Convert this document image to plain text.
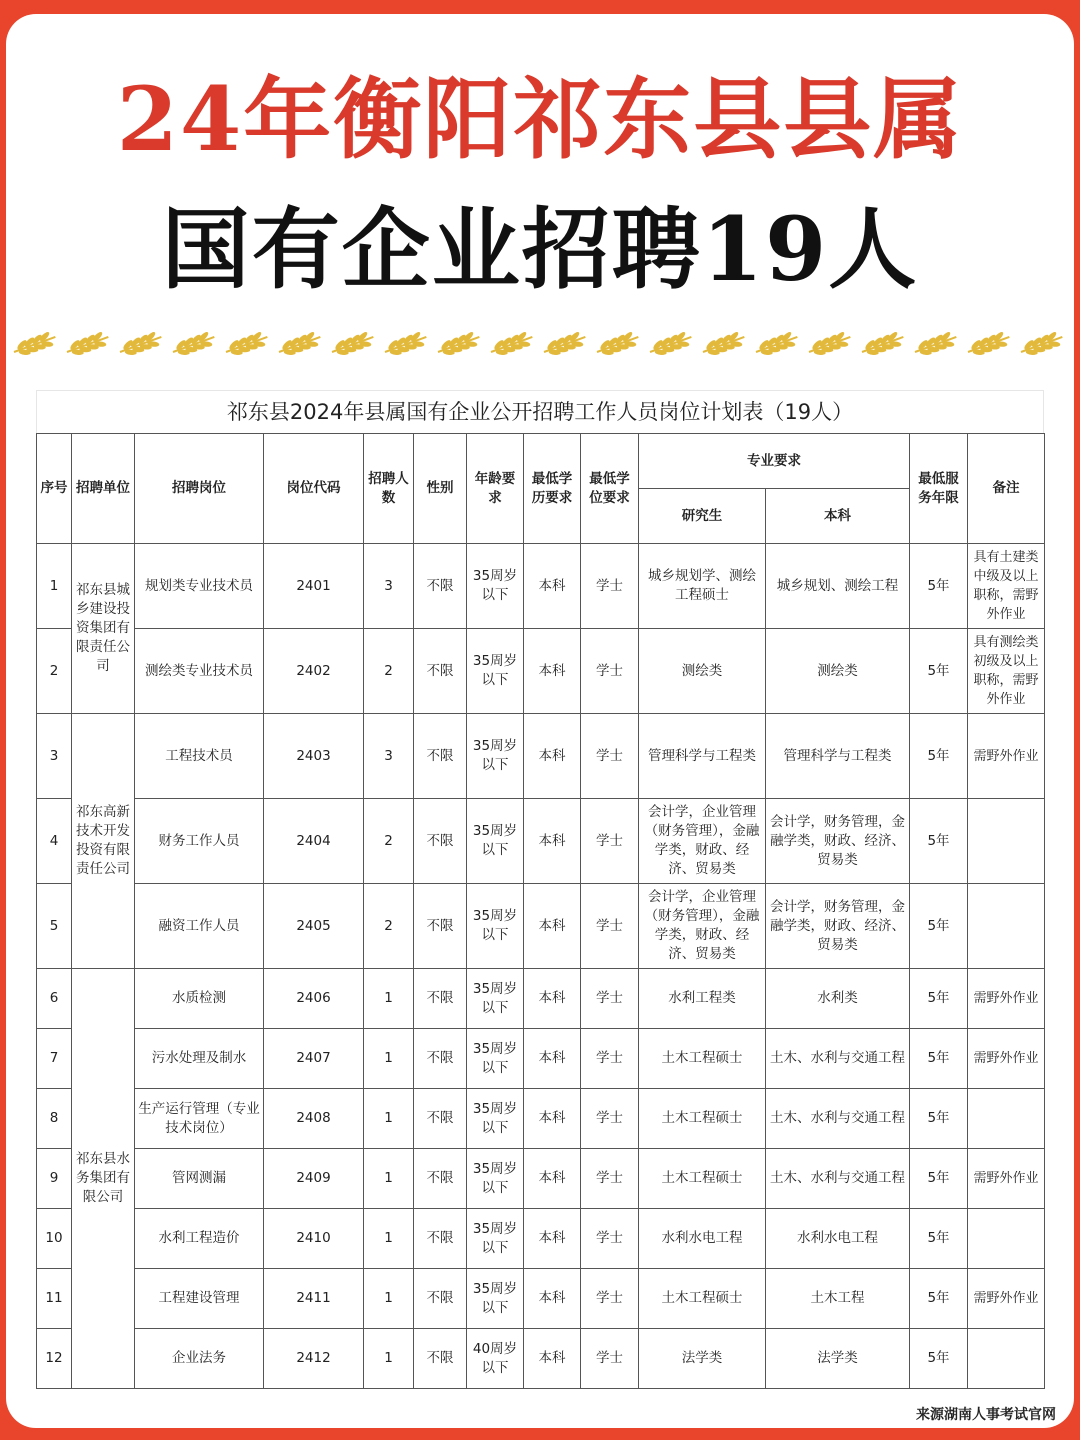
24年衡阳祁东县县属
国有企业招聘19人
祁东县2024年县属国有企业公开招聘工作人员岗位计划表（19人）
序号	招聘单位	招聘岗位	岗位代码	招聘人数	性别	年龄要求	最低学历要求	最低学位要求	专业要求		最低服务年限	备注
									研究生	本科		
1	祁东县城乡建设投资集团有限责任公司	规划类专业技术员	2401	3	不限	35周岁以下	本科	学士	城乡规划学、测绘工程硕士	城乡规划、测绘工程	5年	具有土建类中级及以上职称，需野外作业
2		测绘类专业技术员	2402	2	不限	35周岁以下	本科	学士	测绘类	测绘类	5年	具有测绘类初级及以上职称，需野外作业
3	祁东高新技术开发投资有限责任公司	工程技术员	2403	3	不限	35周岁以下	本科	学士	管理科学与工程类	管理科学与工程类	5年	需野外作业
4		财务工作人员	2404	2	不限	35周岁以下	本科	学士	会计学，企业管理（财务管理），金融学类，财政、经济、贸易类	会计学，财务管理，金融学类，财政、经济、贸易类	5年	
5		融资工作人员	2405	2	不限	35周岁以下	本科	学士	会计学，企业管理（财务管理），金融学类，财政、经济、贸易类	会计学，财务管理，金融学类，财政、经济、贸易类	5年	
6	祁东县水务集团有限公司	水质检测	2406	1	不限	35周岁以下	本科	学士	水利工程类	水利类	5年	需野外作业
7		污水处理及制水	2407	1	不限	35周岁以下	本科	学士	土木工程硕士	土木、水利与交通工程	5年	需野外作业
8		生产运行管理（专业技术岗位）	2408	1	不限	35周岁以下	本科	学士	土木工程硕士	土木、水利与交通工程	5年	
9		管网测漏	2409	1	不限	35周岁以下	本科	学士	土木工程硕士	土木、水利与交通工程	5年	需野外作业
10		水利工程造价	2410	1	不限	35周岁以下	本科	学士	水利水电工程	水利水电工程	5年	
11		工程建设管理	2411	1	不限	35周岁以下	本科	学士	土木工程硕士	土木工程	5年	需野外作业
12		企业法务	2412	1	不限	40周岁以下	本科	学士	法学类	法学类	5年	
来源湖南人事考试官网
